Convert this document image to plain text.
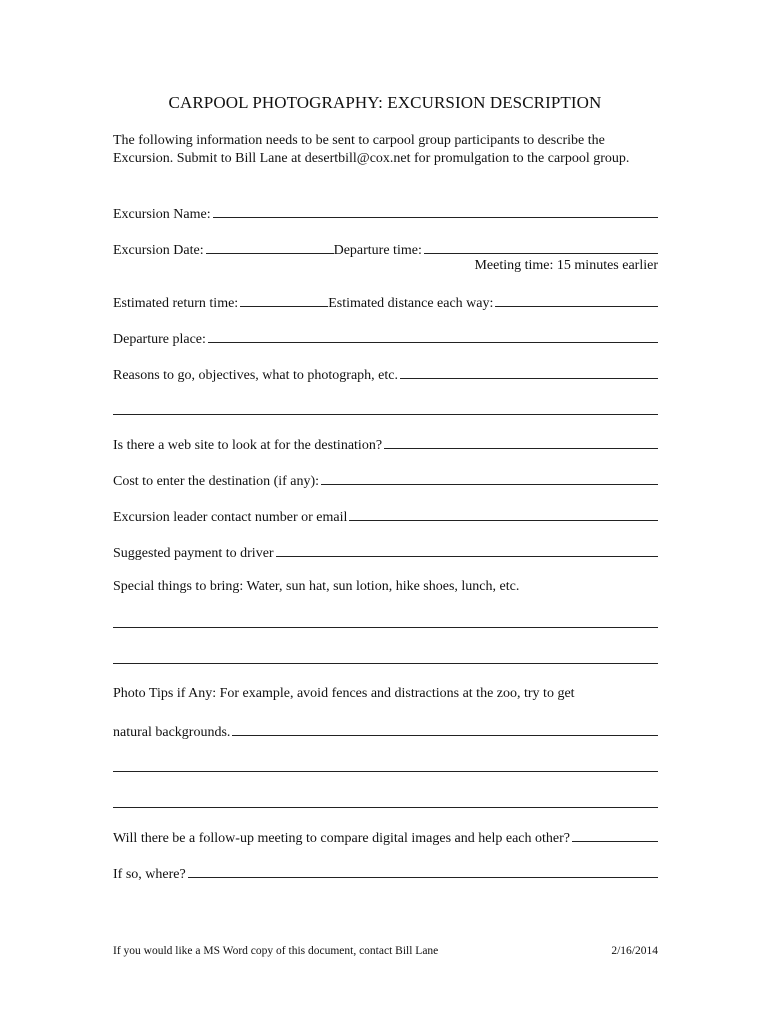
CARPOOL PHOTOGRAPHY: EXCURSION DESCRIPTION
The following information needs to be sent to carpool group participants to describe the Excursion. Submit to Bill Lane at desertbill@cox.net for promulgation to the carpool group.
Excursion Name:
Excursion Date:	Departure time:
Meeting time: 15 minutes earlier
Estimated return time:	Estimated distance each way:
Departure place:
Reasons to go, objectives, what to photograph, etc.
Is there a web site to look at for the destination?
Cost to enter the destination (if any):
Excursion leader contact number or email
Suggested payment to driver
Special things to bring: Water, sun hat, sun lotion, hike shoes, lunch, etc.
Photo Tips if Any: For example, avoid fences and distractions at the zoo, try to get
natural backgrounds.
Will there be a follow-up meeting to compare digital images and help each other?
If so, where?
If you would like a MS Word copy of this document, contact Bill Lane	2/16/2014
